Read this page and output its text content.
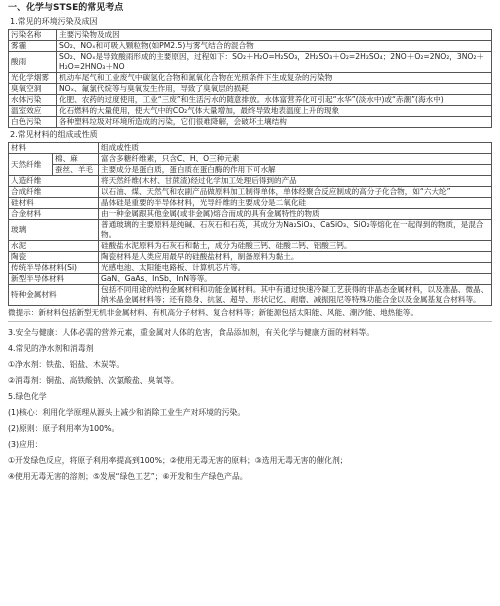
一、化学与STSE的常见考点
1.常见的环境污染及成因
污染名称	主要污染物及成因
雾霾	SO₂、NOₓ和可吸入颗粒物(如PM2.5)与雾气结合的混合物
酸雨	SO₂、NOₓ是导致酸雨形成的主要原因，过程如下：SO₂＋H₂O=H₂SO₃，2H₂SO₃＋O₂=2H₂SO₄；2NO＋O₂=2NO₂，3NO₂＋H₂O=2HNO₃＋NO
光化学烟雾	机动车尾气和工业废气中碳氢化合物和氮氧化合物在光照条件下生成复杂的污染物
臭氧空洞	NOₓ、氟氯代烷等与臭氧发生作用，导致了臭氧层的损耗
水体污染	化肥、农药的过度使用，工业“三废”和生活污水的随意排放。水体富营养化可引起“水华”(淡水中)或“赤潮”(海水中)
温室效应	化石燃料的大量使用，使大气中的CO₂气体大量增加，最终导致地表温度上升的现象
白色污染	各种塑料垃圾对环境所造成的污染，它们很难降解，会破坏土壤结构
2.常见材料的组成或性质
材料		组成或性质
天然纤维	棉、麻	富含多糖纤维素，只含C、H、O三种元素
	蚕丝、羊毛	主要成分是蛋白质，蛋白质在蛋白酶的作用下可水解
人造纤维		将天然纤维(木材、甘蔗渣)经过化学加工处理后得到的产品
合成纤维		以石油、煤、天然气和农副产品做原料加工制得单体，单体经聚合反应制成的高分子化合物，如“六大纶”
硅材料		晶体硅是重要的半导体材料，光导纤维的主要成分是二氧化硅
合金材料		由一种金属跟其他金属(或非金属)熔合而成的具有金属特性的物质
玻璃		普通玻璃的主要原料是纯碱、石灰石和石英，其成分为Na₂SiO₃、CaSiO₃、SiO₂等熔化在一起得到的物质，是混合物。
水泥		硅酸盐水泥原料为石灰石和黏土，成分为硅酸三钙、硅酸二钙、铝酸三钙。
陶瓷		陶瓷材料是人类应用最早的硅酸盐材料，制备原料为黏土。
传统半导体材料(Si)		光感电池、太阳能电路板、计算机芯片等。
新型半导体材料		GaN、GaAs、InSb、InN等等。
特种金属材料		包括不同用途的结构金属材料和功能金属材料。其中有通过快速冷凝工艺获得的非晶态金属材料，以及准晶、微晶、纳米晶金属材料等；还有隐身、抗氢、超导、形状记忆、耐磨、减振阻尼等特殊功能合金以及金属基复合材料等。
微提示：新材料包括新型无机非金属材料、有机高分子材料、复合材料等；新能源包括太阳能、风能、潮汐能、地热能等。
3.安全与健康：人体必需的营养元素，重金属对人体的危害，食品添加剂，有关化学与健康方面的材料等。
4.常见的净水剂和消毒剂
①净水剂：铁盐、铝盐、木炭等。
②消毒剂：铜盐、高铁酸钠、次氯酸盐、臭氧等。
5.绿色化学
(1)核心：利用化学原理从源头上减少和消除工业生产对环境的污染。
(2)原则：原子利用率为100%。
(3)应用：
①开发绿色反应，将原子利用率提高到100%；②使用无毒无害的原料；③选用无毒无害的催化剂；
④使用无毒无害的溶剂；⑤发展“绿色工艺”；⑥开发和生产绿色产品。
